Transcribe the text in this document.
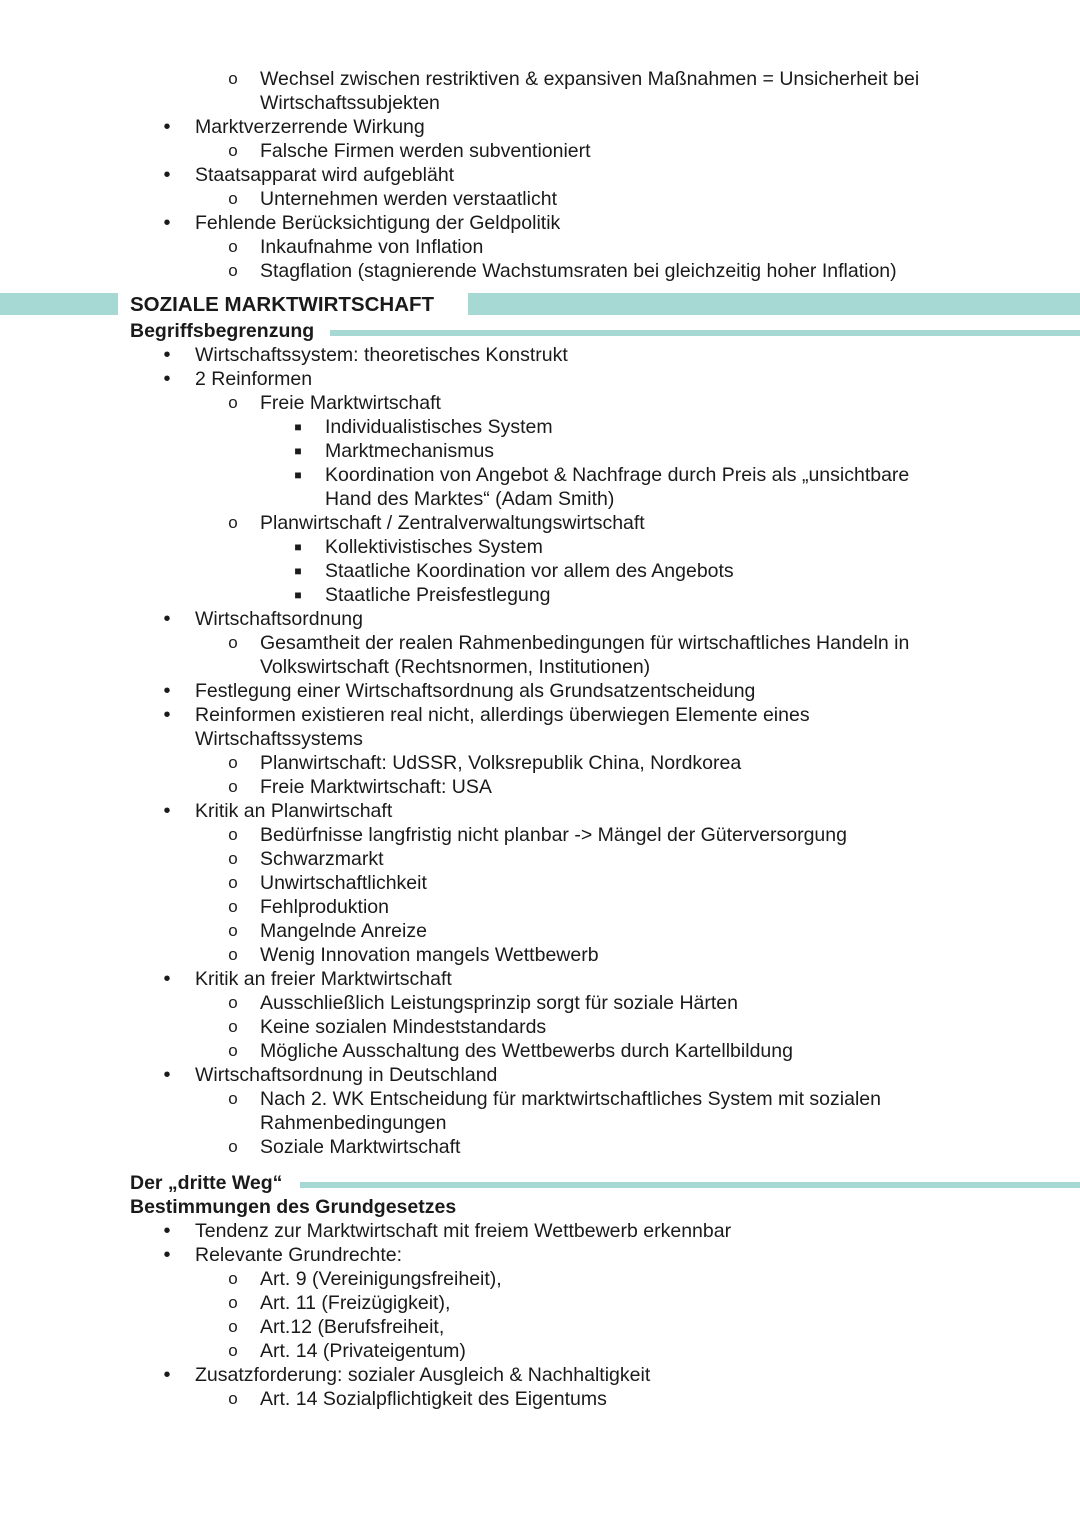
o Wechsel zwischen restriktiven & expansiven Maßnahmen = Unsicherheit bei
Wirtschaftssubjekten
• Marktverzerrende Wirkung
o Falsche Firmen werden subventioniert
• Staatsapparat wird aufgebläht
o Unternehmen werden verstaatlicht
• Fehlende Berücksichtigung der Geldpolitik
o Inkaufnahme von Inflation
o Stagflation (stagnierende Wachstumsraten bei gleichzeitig hoher Inflation)
SOZIALE MARKTWIRTSCHAFT
Begriffsbegrenzung
• Wirtschaftssystem: theoretisches Konstrukt
• 2 Reinformen
o Freie Marktwirtschaft
■ Individualistisches System
■ Marktmechanismus
■ Koordination von Angebot & Nachfrage durch Preis als „unsichtbare
Hand des Marktes“ (Adam Smith)
o Planwirtschaft / Zentralverwaltungswirtschaft
■ Kollektivistisches System
■ Staatliche Koordination vor allem des Angebots
■ Staatliche Preisfestlegung
• Wirtschaftsordnung
o Gesamtheit der realen Rahmenbedingungen für wirtschaftliches Handeln in
Volkswirtschaft (Rechtsnormen, Institutionen)
• Festlegung einer Wirtschaftsordnung als Grundsatzentscheidung
• Reinformen existieren real nicht, allerdings überwiegen Elemente eines
Wirtschaftssystems
o Planwirtschaft: UdSSR, Volksrepublik China, Nordkorea
o Freie Marktwirtschaft: USA
• Kritik an Planwirtschaft
o Bedürfnisse langfristig nicht planbar -> Mängel der Güterversorgung
o Schwarzmarkt
o Unwirtschaftlichkeit
o Fehlproduktion
o Mangelnde Anreize
o Wenig Innovation mangels Wettbewerb
• Kritik an freier Marktwirtschaft
o Ausschließlich Leistungsprinzip sorgt für soziale Härten
o Keine sozialen Mindeststandards
o Mögliche Ausschaltung des Wettbewerbs durch Kartellbildung
• Wirtschaftsordnung in Deutschland
o Nach 2. WK Entscheidung für marktwirtschaftliches System mit sozialen
Rahmenbedingungen
o Soziale Marktwirtschaft
Der „dritte Weg“
Bestimmungen des Grundgesetzes
• Tendenz zur Marktwirtschaft mit freiem Wettbewerb erkennbar
• Relevante Grundrechte:
o Art. 9 (Vereinigungsfreiheit),
o Art. 11 (Freizügigkeit),
o Art.12 (Berufsfreiheit,
o Art. 14 (Privateigentum)
• Zusatzforderung: sozialer Ausgleich & Nachhaltigkeit
o Art. 14 Sozialpflichtigkeit des Eigentums
